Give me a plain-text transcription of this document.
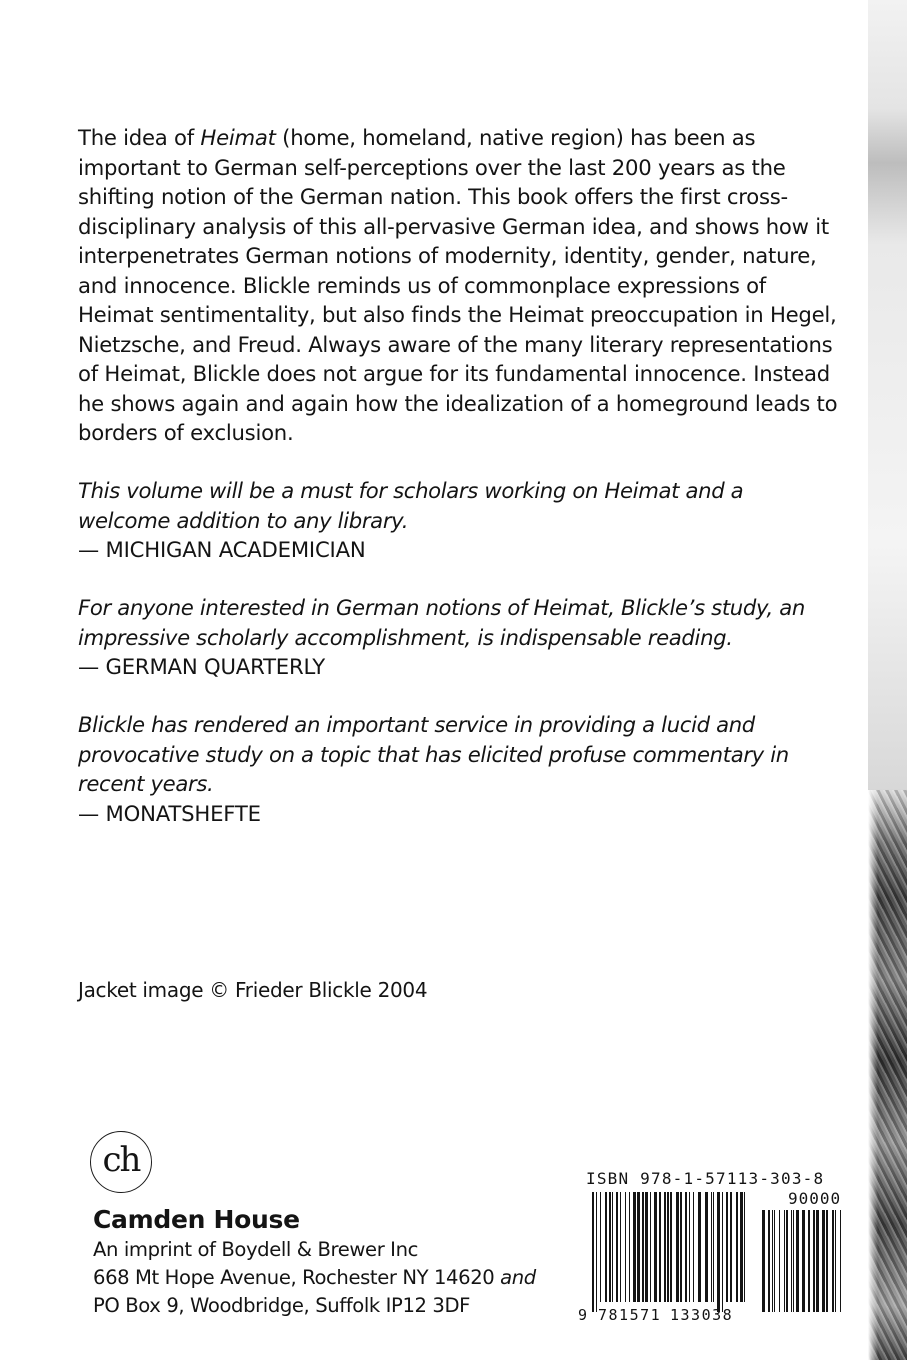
The idea of Heimat (home, homeland, native region) has been as important to German self-perceptions over the last 200 years as the shifting notion of the German nation. This book offers the first cross-disciplinary analysis of this all-pervasive German idea, and shows how it interpenetrates German notions of modernity, identity, gender, nature, and innocence. Blickle reminds us of commonplace expressions of Heimat sentimentality, but also finds the Heimat preoccupation in Hegel, Nietzsche, and Freud. Always aware of the many literary representations of Heimat, Blickle does not argue for its fundamental innocence. Instead he shows again and again how the idealization of a homeground leads to borders of exclusion.

This volume will be a must for scholars working on Heimat and a welcome addition to any library.

— MICHIGAN ACADEMICIAN

For anyone interested in German notions of Heimat, Blickle’s study, an impressive scholarly accomplishment, is indispensable reading.

— GERMAN QUARTERLY

Blickle has rendered an important service in providing a lucid and provocative study on a topic that has elicited profuse commentary in recent years.

— MONATSHEFTE

Jacket image © Frieder Blickle 2004

ch

Camden House

An imprint of Boydell & Brewer Inc

668 Mt Hope Avenue, Rochester NY 14620 and

PO Box 9, Woodbridge, Suffolk IP12 3DF

ISBN 978-1-57113-303-8

9 781571 133038
90000
